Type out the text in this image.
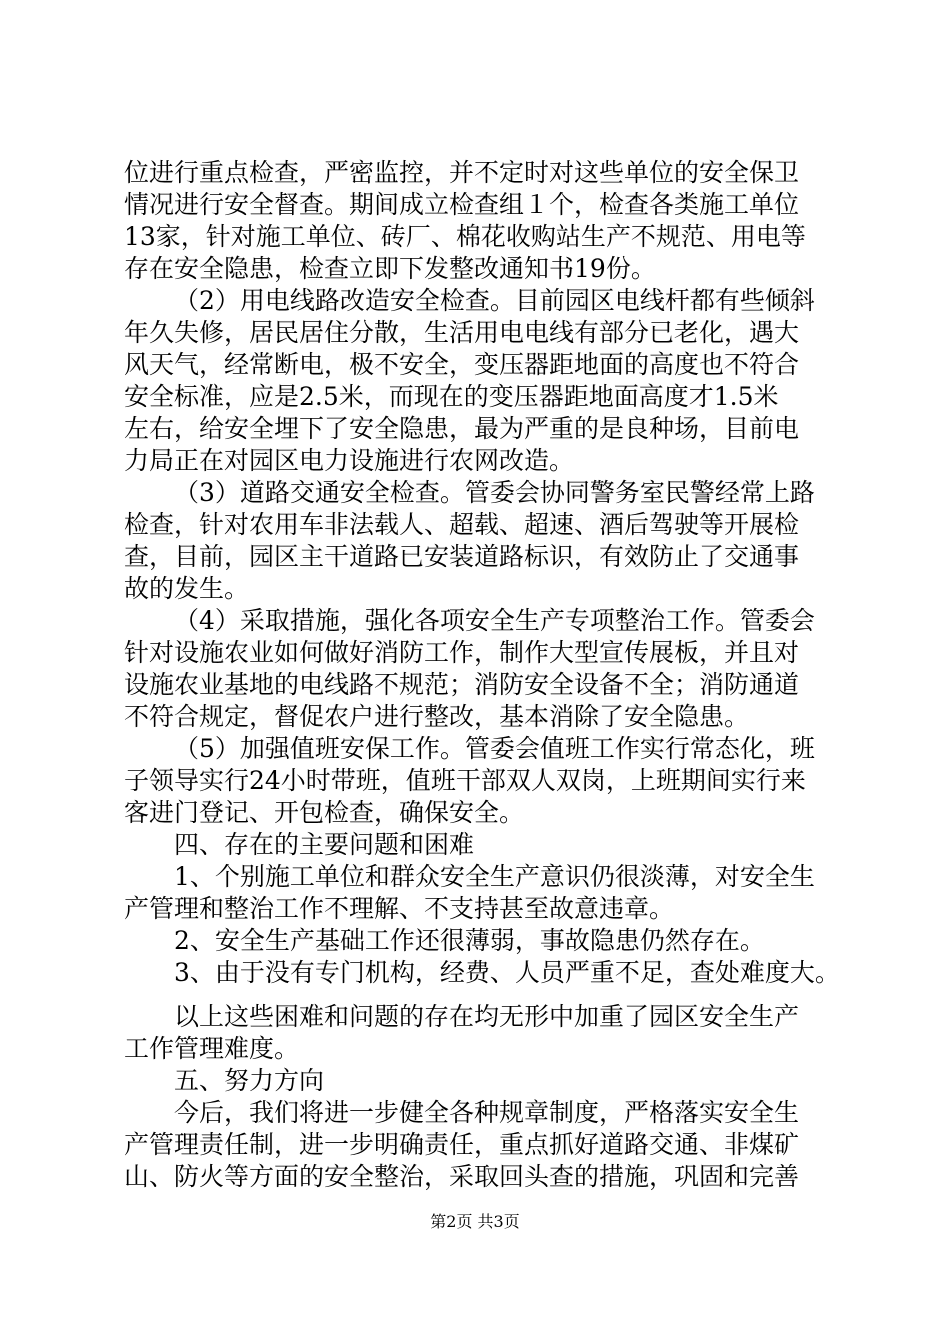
位进行重点检查，严密监控，并不定时对这些单位的安全保卫
情况进行安全督查。期间成立检查组１个，检查各类施工单位
13家，针对施工单位、砖厂、棉花收购站生产不规范、用电等
存在安全隐患，检查立即下发整改通知书19份。
（2）用电线路改造安全检查。目前园区电线杆都有些倾斜
年久失修，居民居住分散，生活用电电线有部分已老化，遇大
风天气，经常断电，极不安全，变压器距地面的高度也不符合
安全标准，应是2.5米，而现在的变压器距地面高度才1.5米
左右，给安全埋下了安全隐患，最为严重的是良种场，目前电
力局正在对园区电力设施进行农网改造。
（3）道路交通安全检查。管委会协同警务室民警经常上路
检查，针对农用车非法载人、超载、超速、酒后驾驶等开展检
查，目前，园区主干道路已安装道路标识，有效防止了交通事
故的发生。
（4）采取措施，强化各项安全生产专项整治工作。管委会
针对设施农业如何做好消防工作，制作大型宣传展板，并且对
设施农业基地的电线路不规范；消防安全设备不全；消防通道
不符合规定，督促农户进行整改，基本消除了安全隐患。
（5）加强值班安保工作。管委会值班工作实行常态化，班
子领导实行24小时带班，值班干部双人双岗，上班期间实行来
客进门登记、开包检查，确保安全。
四、存在的主要问题和困难
1、个别施工单位和群众安全生产意识仍很淡薄，对安全生
产管理和整治工作不理解、不支持甚至故意违章。
2、安全生产基础工作还很薄弱，事故隐患仍然存在。
3、由于没有专门机构，经费、人员严重不足，查处难度大。
以上这些困难和问题的存在均无形中加重了园区安全生产
工作管理难度。
五、努力方向
今后，我们将进一步健全各种规章制度，严格落实安全生
产管理责任制，进一步明确责任，重点抓好道路交通、非煤矿
山、防火等方面的安全整治，采取回头查的措施，巩固和完善
第2页 共3页
